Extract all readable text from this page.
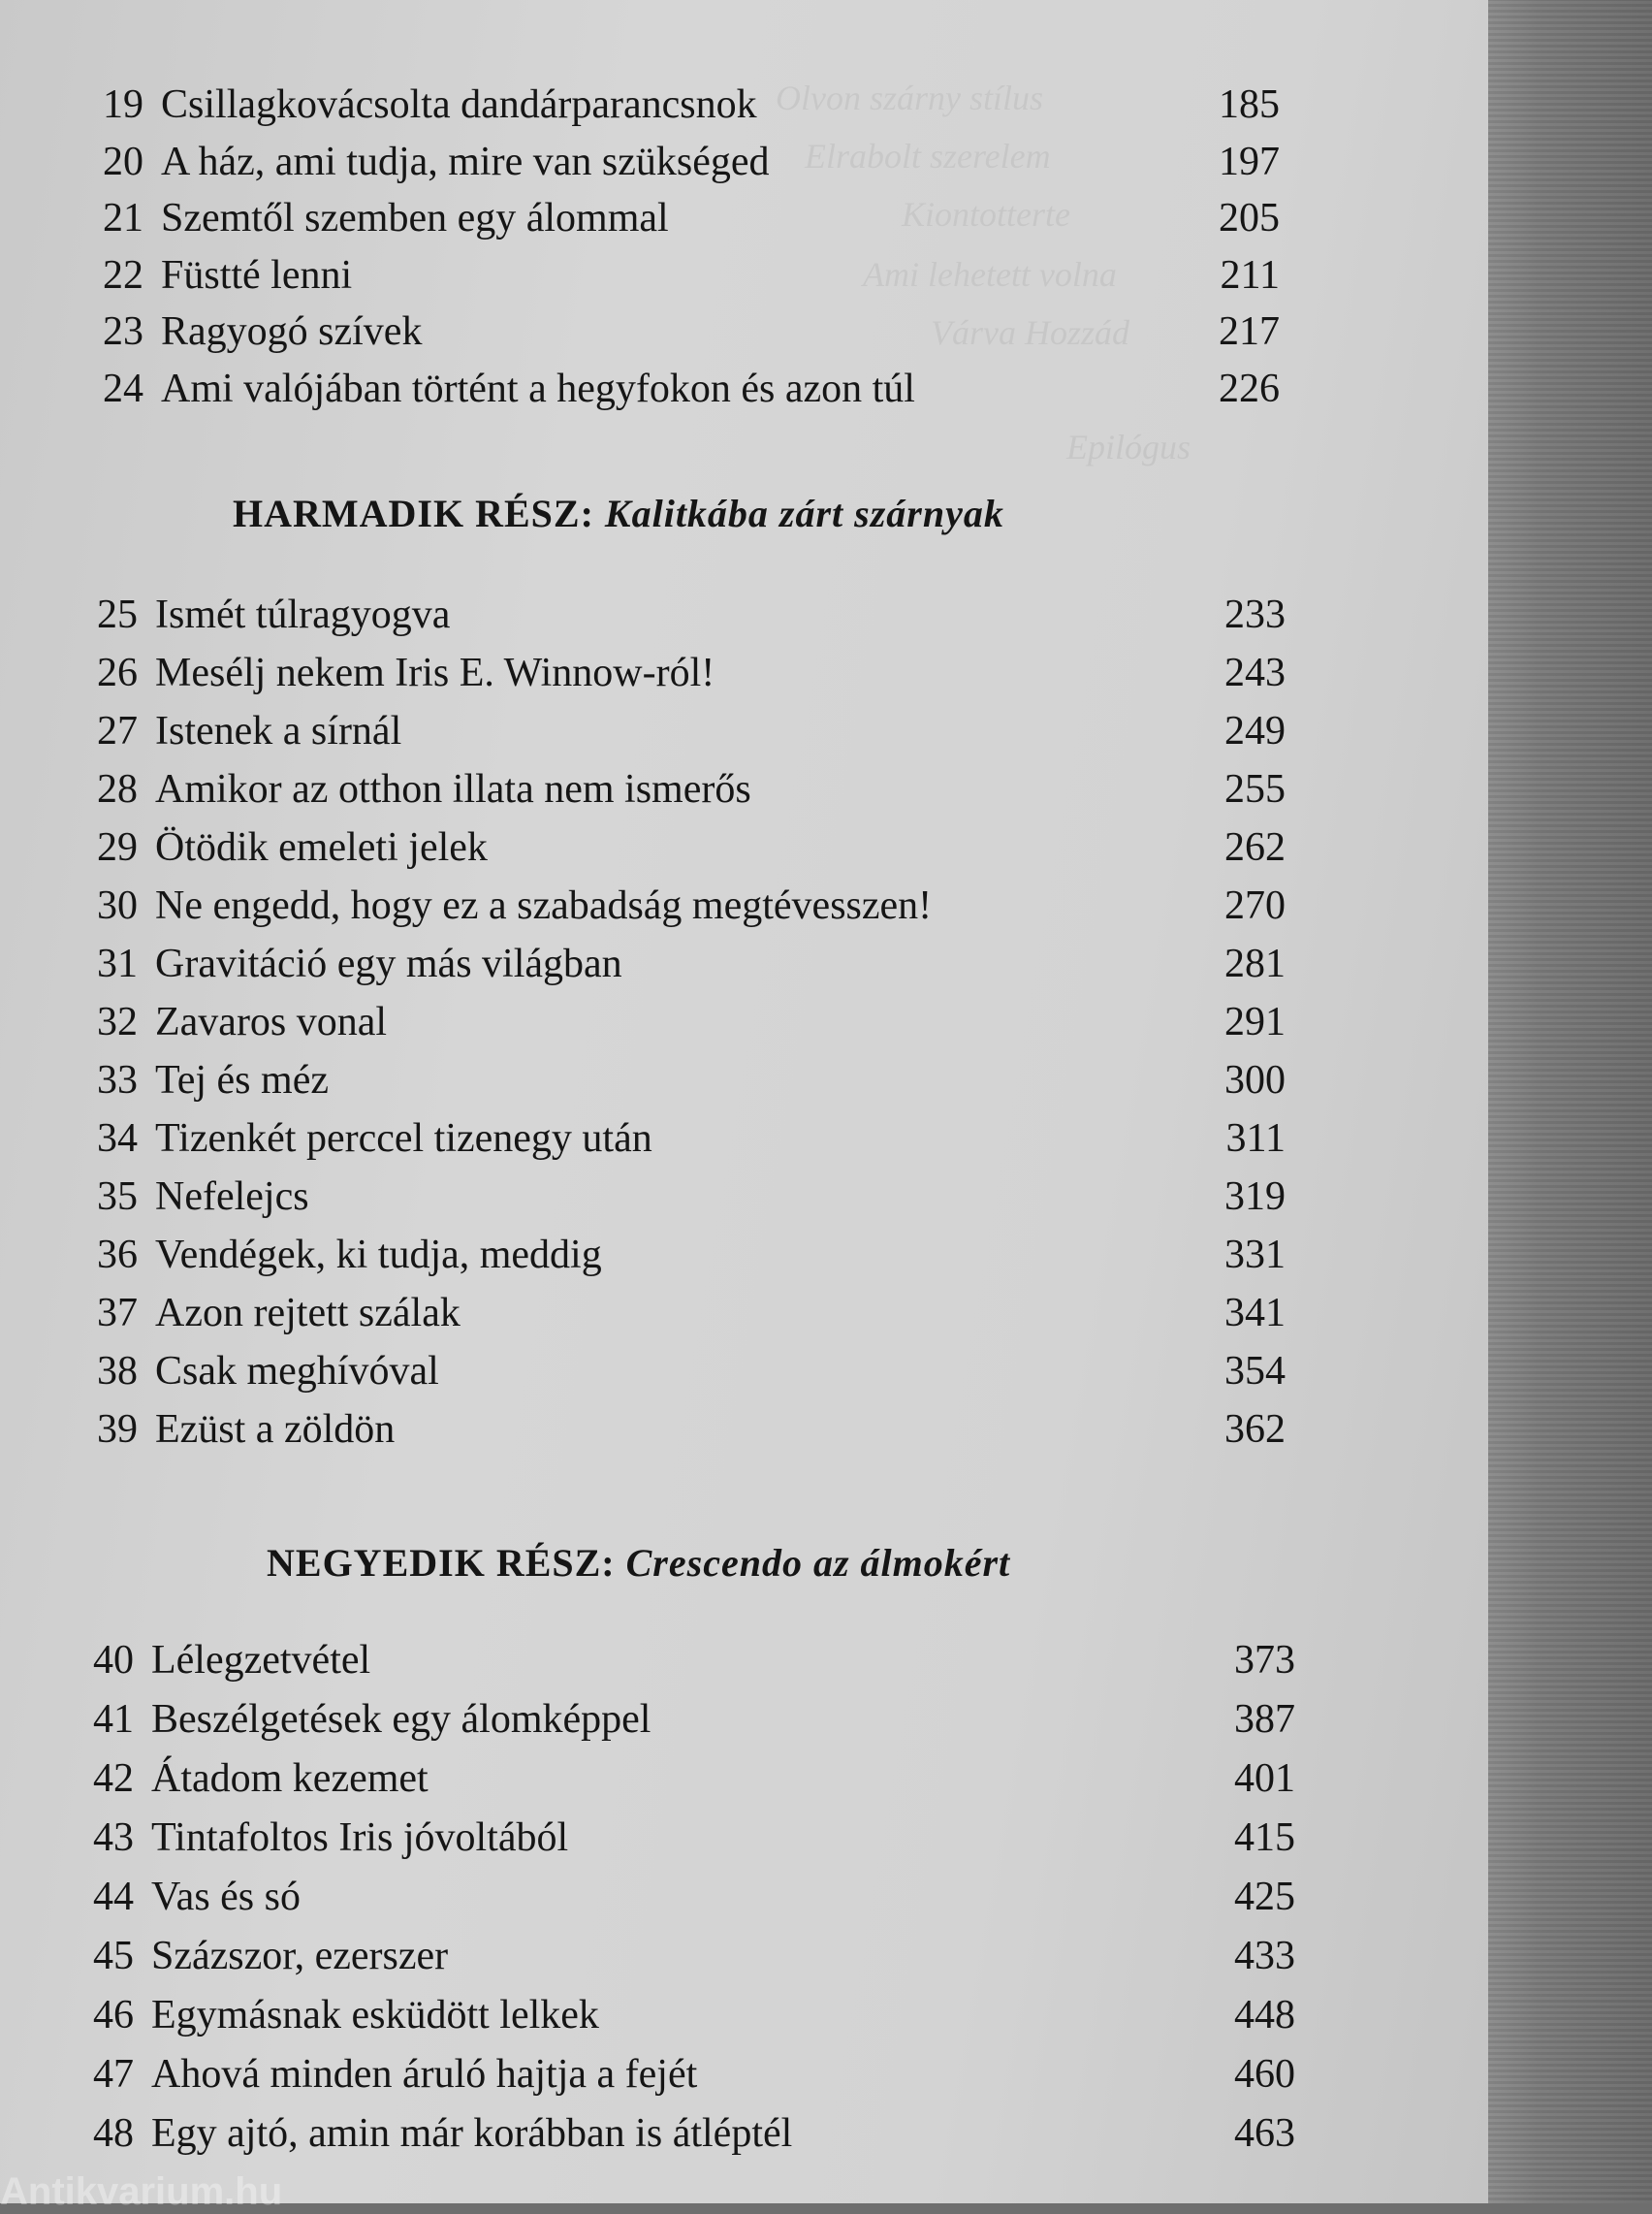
Olvon szárny stílus
Elrabolt szerelem
Kiontotterte
Ami lehetett volna
Várva Hozzád
Epilógus
19 Csillagkovácsolta dandárparancsnok	185
20 A ház, ami tudja, mire van szükséged	197
21 Szemtől szemben egy álommal	205
22 Füstté lenni	211
23 Ragyogó szívek	217
24 Ami valójában történt a hegyfokon és azon túl	226
HARMADIK RÉSZ: Kalitkába zárt szárnyak
25 Ismét túlragyogva	233
26 Mesélj nekem Iris E. Winnow-ról!	243
27 Istenek a sírnál	249
28 Amikor az otthon illata nem ismerős	255
29 Ötödik emeleti jelek	262
30 Ne engedd, hogy ez a szabadság megtévesszen!	270
31 Gravitáció egy más világban	281
32 Zavaros vonal	291
33 Tej és méz	300
34 Tizenkét perccel tizenegy után	311
35 Nefelejcs	319
36 Vendégek, ki tudja, meddig	331
37 Azon rejtett szálak	341
38 Csak meghívóval	354
39 Ezüst a zöldön	362
NEGYEDIK RÉSZ: Crescendo az álmokért
40 Lélegzetvétel	373
41 Beszélgetések egy álomképpel	387
42 Átadom kezemet	401
43 Tintafoltos Iris jóvoltából	415
44 Vas és só	425
45 Százszor, ezerszer	433
46 Egymásnak esküdött lelkek	448
47 Ahová minden áruló hajtja a fejét	460
48 Egy ajtó, amin már korábban is átléptél	463
Antikvarium.hu
